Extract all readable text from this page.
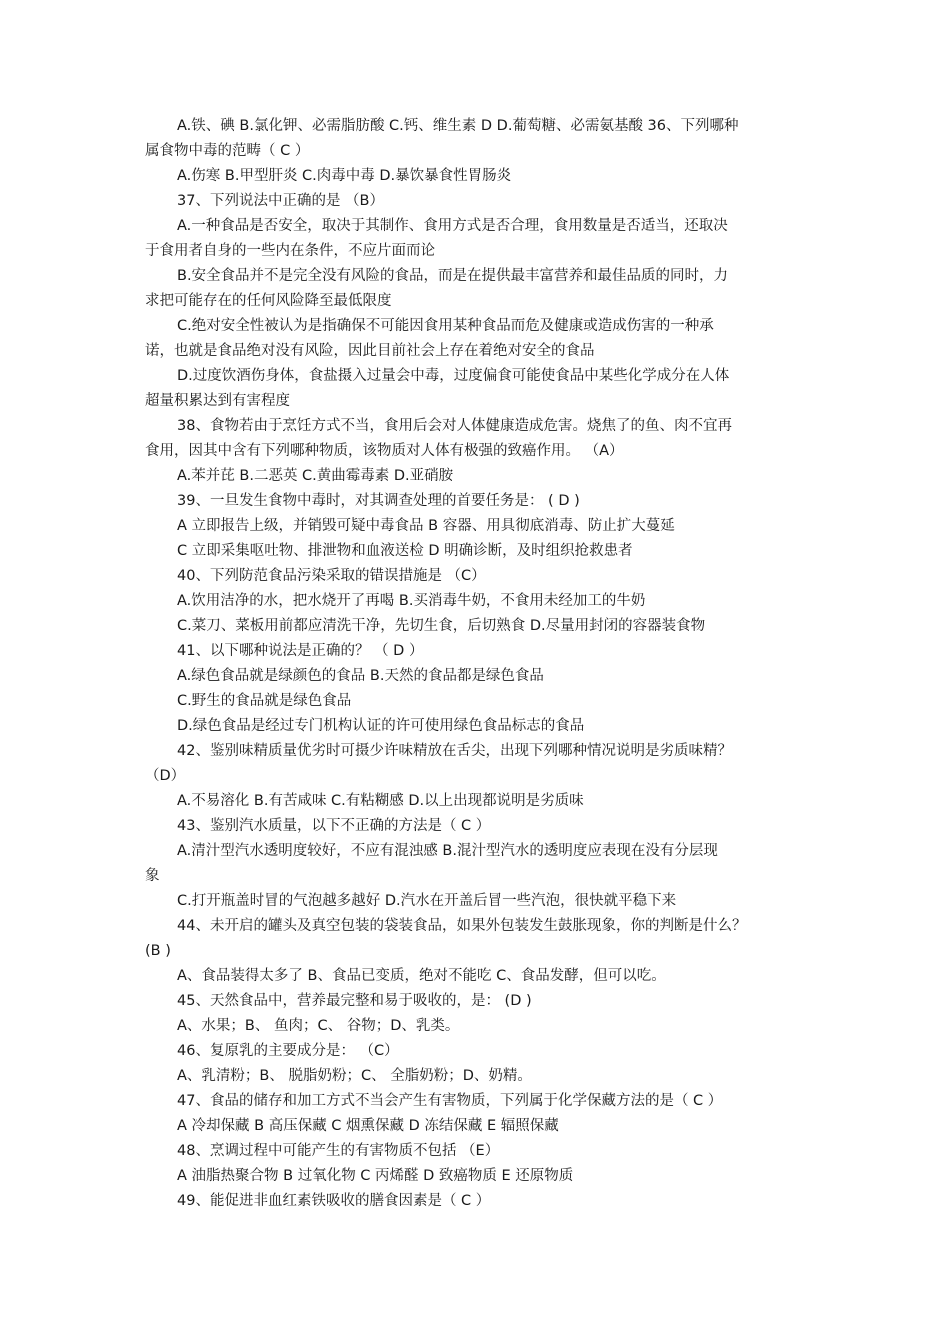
A.铁、碘 B.氯化钾、必需脂肪酸 C.钙、维生素 D D.葡萄糖、必需氨基酸 36、下列哪种
属食物中毒的范畴（ C ）
A.伤寒 B.甲型肝炎 C.肉毒中毒 D.暴饮暴食性胃肠炎
37、下列说法中正确的是 （B）
A.一种食品是否安全，取决于其制作、食用方式是否合理，食用数量是否适当，还取决
于食用者自身的一些内在条件，不应片面而论
B.安全食品并不是完全没有风险的食品，而是在提供最丰富营养和最佳品质的同时，力
求把可能存在的任何风险降至最低限度
C.绝对安全性被认为是指确保不可能因食用某种食品而危及健康或造成伤害的一种承
诺，也就是食品绝对没有风险，因此目前社会上存在着绝对安全的食品
D.过度饮酒伤身体，食盐摄入过量会中毒，过度偏食可能使食品中某些化学成分在人体
超量积累达到有害程度
38、食物若由于烹饪方式不当，食用后会对人体健康造成危害。烧焦了的鱼、肉不宜再
食用，因其中含有下列哪种物质，该物质对人体有极强的致癌作用。 （A）
A.苯并芘 B.二恶英 C.黄曲霉毒素 D.亚硝胺
39、一旦发生食物中毒时，对其调查处理的首要任务是： ( D )
A 立即报告上级，并销毁可疑中毒食品 B 容器、用具彻底消毒、防止扩大蔓延
C 立即采集呕吐物、排泄物和血液送检 D 明确诊断，及时组织抢救患者
40、下列防范食品污染采取的错误措施是 （C）
A.饮用洁净的水，把水烧开了再喝 B.买消毒牛奶，不食用未经加工的牛奶
C.菜刀、菜板用前都应清洗干净，先切生食，后切熟食 D.尽量用封闭的容器装食物
41、以下哪种说法是正确的？ （ D ）
A.绿色食品就是绿颜色的食品 B.天然的食品都是绿色食品
C.野生的食品就是绿色食品
D.绿色食品是经过专门机构认证的许可使用绿色食品标志的食品
42、鉴别味精质量优劣时可摄少许味精放在舌尖，出现下列哪种情况说明是劣质味精？
（D）
A.不易溶化 B.有苦咸味 C.有粘糊感 D.以上出现都说明是劣质味
43、鉴别汽水质量，以下不正确的方法是（ C ）
A.清汁型汽水透明度较好，不应有混浊感 B.混汁型汽水的透明度应表现在没有分层现
象
C.打开瓶盖时冒的气泡越多越好 D.汽水在开盖后冒一些汽泡，很快就平稳下来
44、未开启的罐头及真空包装的袋装食品，如果外包装发生鼓胀现象，你的判断是什么？
(B )
A、食品装得太多了 B、食品已变质，绝对不能吃 C、食品发酵，但可以吃。
45、天然食品中，营养最完整和易于吸收的，是： (D )
A、水果；B、 鱼肉；C、 谷物；D、乳类。
46、复原乳的主要成分是： （C）
A、乳清粉；B、 脱脂奶粉；C、 全脂奶粉；D、奶精。
47、食品的储存和加工方式不当会产生有害物质，下列属于化学保藏方法的是（ C ）
A 冷却保藏 B 高压保藏 C 烟熏保藏 D 冻结保藏 E 辐照保藏
48、烹调过程中可能产生的有害物质不包括 （E）
A 油脂热聚合物 B 过氧化物 C 丙烯醛 D 致癌物质 E 还原物质
49、能促进非血红素铁吸收的膳食因素是（ C ）
